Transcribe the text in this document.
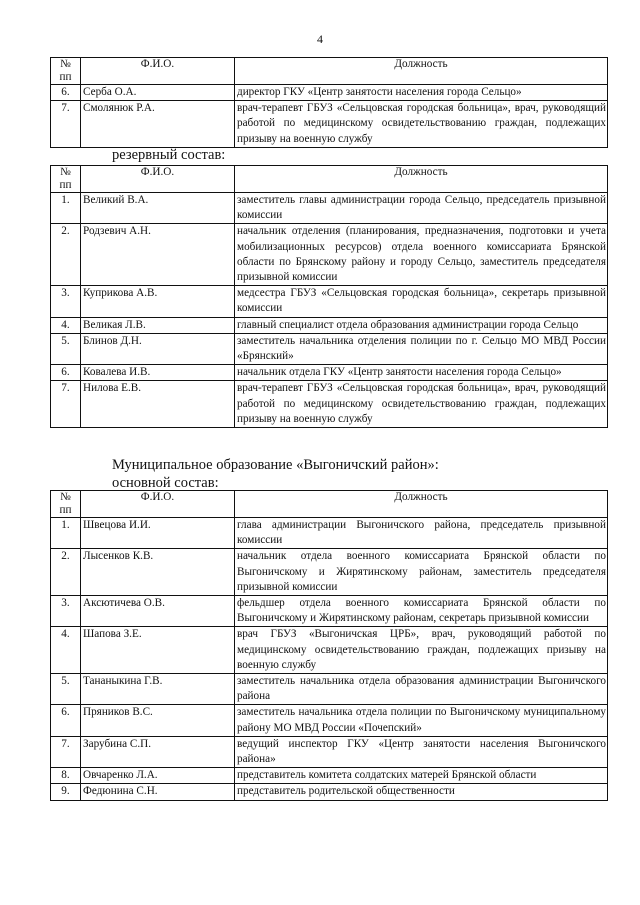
4
№ пп	Ф.И.О.	Должность
6.	Серба О.А.	директор ГКУ «Центр занятости населения города Сельцо»
7.	Смолянюк Р.А.	врач-терапевт ГБУЗ «Сельцовская городская больница», врач, руководящий работой по медицинскому освидетельствованию граждан, подлежащих призыву на военную службу
резервный состав:
№ пп	Ф.И.О.	Должность
1.	Великий В.А.	заместитель главы администрации города Сельцо, председатель призывной комиссии
2.	Родзевич А.Н.	начальник отделения (планирования, предназначения, подготовки и учета мобилизационных ресурсов) отдела военного комиссариата Брянской области по Брянскому району и городу Сельцо, заместитель председателя призывной комиссии
3.	Куприкова А.В.	медсестра ГБУЗ «Сельцовская городская больница», секретарь призывной комиссии
4.	Великая Л.В.	главный специалист отдела образования администрации города Сельцо
5.	Блинов Д.Н.	заместитель начальника отделения полиции по г. Сельцо МО МВД России «Брянский»
6.	Ковалева И.В.	начальник отдела ГКУ «Центр занятости населения города Сельцо»
7.	Нилова Е.В.	врач-терапевт ГБУЗ «Сельцовская городская больница», врач, руководящий работой по медицинскому освидетельствованию граждан, подлежащих призыву на военную службу
Муниципальное образование «Выгоничский район»:
основной состав:
№ пп	Ф.И.О.	Должность
1.	Швецова И.И.	глава администрации Выгоничского района, председатель призывной комиссии
2.	Лысенков К.В.	начальник отдела военного комиссариата Брянской области по Выгоничскому и Жирятинскому районам, заместитель председателя призывной комиссии
3.	Аксютичева О.В.	фельдшер отдела военного комиссариата Брянской области по Выгоничскому и Жирятинскому районам, секретарь призывной комиссии
4.	Шапова З.Е.	врач ГБУЗ «Выгоничская ЦРБ», врач, руководящий работой по медицинскому освидетельствованию граждан, подлежащих призыву на военную службу
5.	Тананыкина Г.В.	заместитель начальника отдела образования администрации Выгоничского района
6.	Пряников В.С.	заместитель начальника отдела полиции по Выгоничскому муниципальному району МО МВД России «Почепский»
7.	Зарубина С.П.	ведущий инспектор ГКУ «Центр занятости населения Выгоничского района»
8.	Овчаренко Л.А.	представитель комитета солдатских матерей Брянской области
9.	Федюнина С.Н.	представитель родительской общественности
